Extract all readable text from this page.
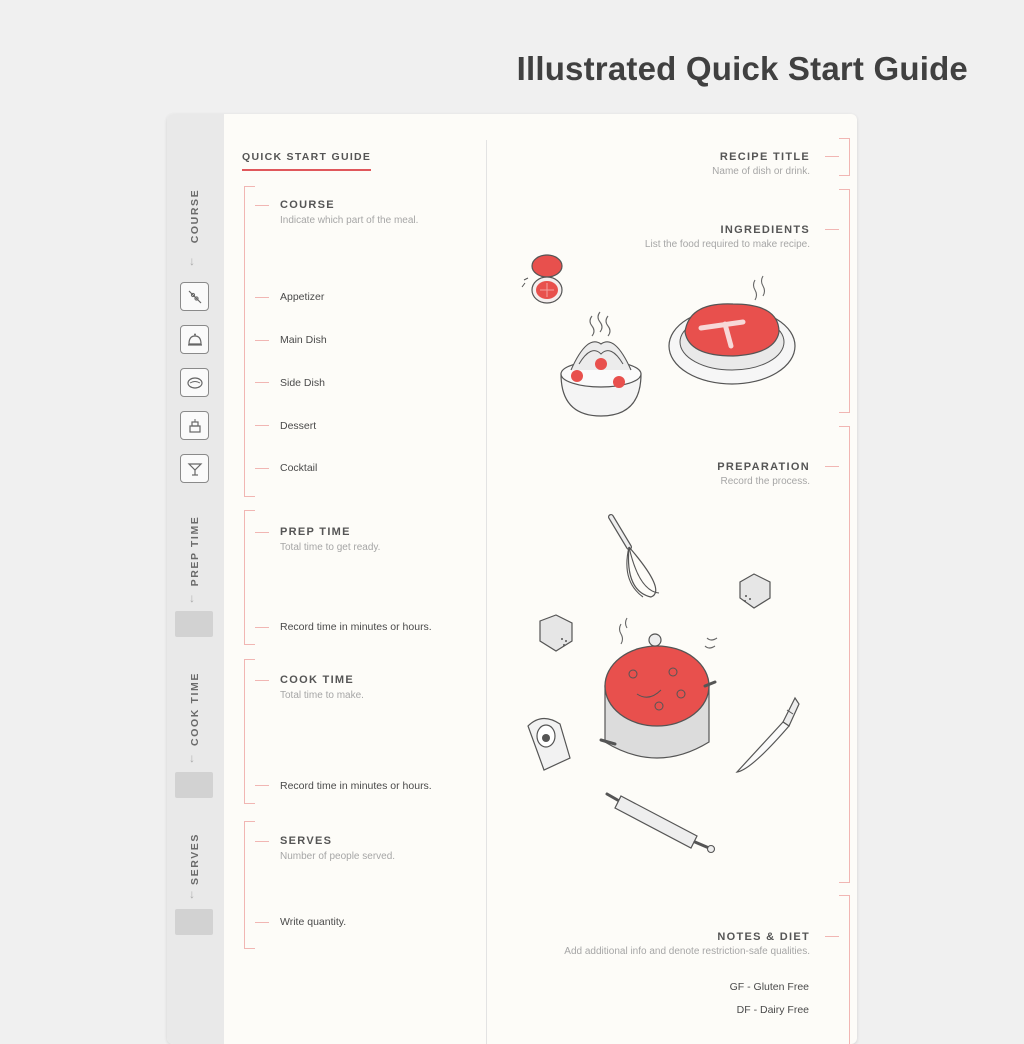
Illustrated Quick Start Guide
COURSE
↓
PREP TIME
↓
COOK TIME
↓
SERVES
↓
QUICK START GUIDE
COURSE
Indicate which part of the meal.
Appetizer
Main Dish
Side Dish
Dessert
Cocktail
PREP TIME
Total time to get ready.
Record time in minutes or hours.
COOK TIME
Total time to make.
Record time in minutes or hours.
SERVES
Number of people served.
Write quantity.
RECIPE TITLE
Name of dish or drink.
INGREDIENTS
List the food required to make recipe.
PREPARATION
Record the process.
NOTES & DIET
Add additional info and denote restriction-safe qualities.
GF - Gluten Free
DF - Dairy Free
